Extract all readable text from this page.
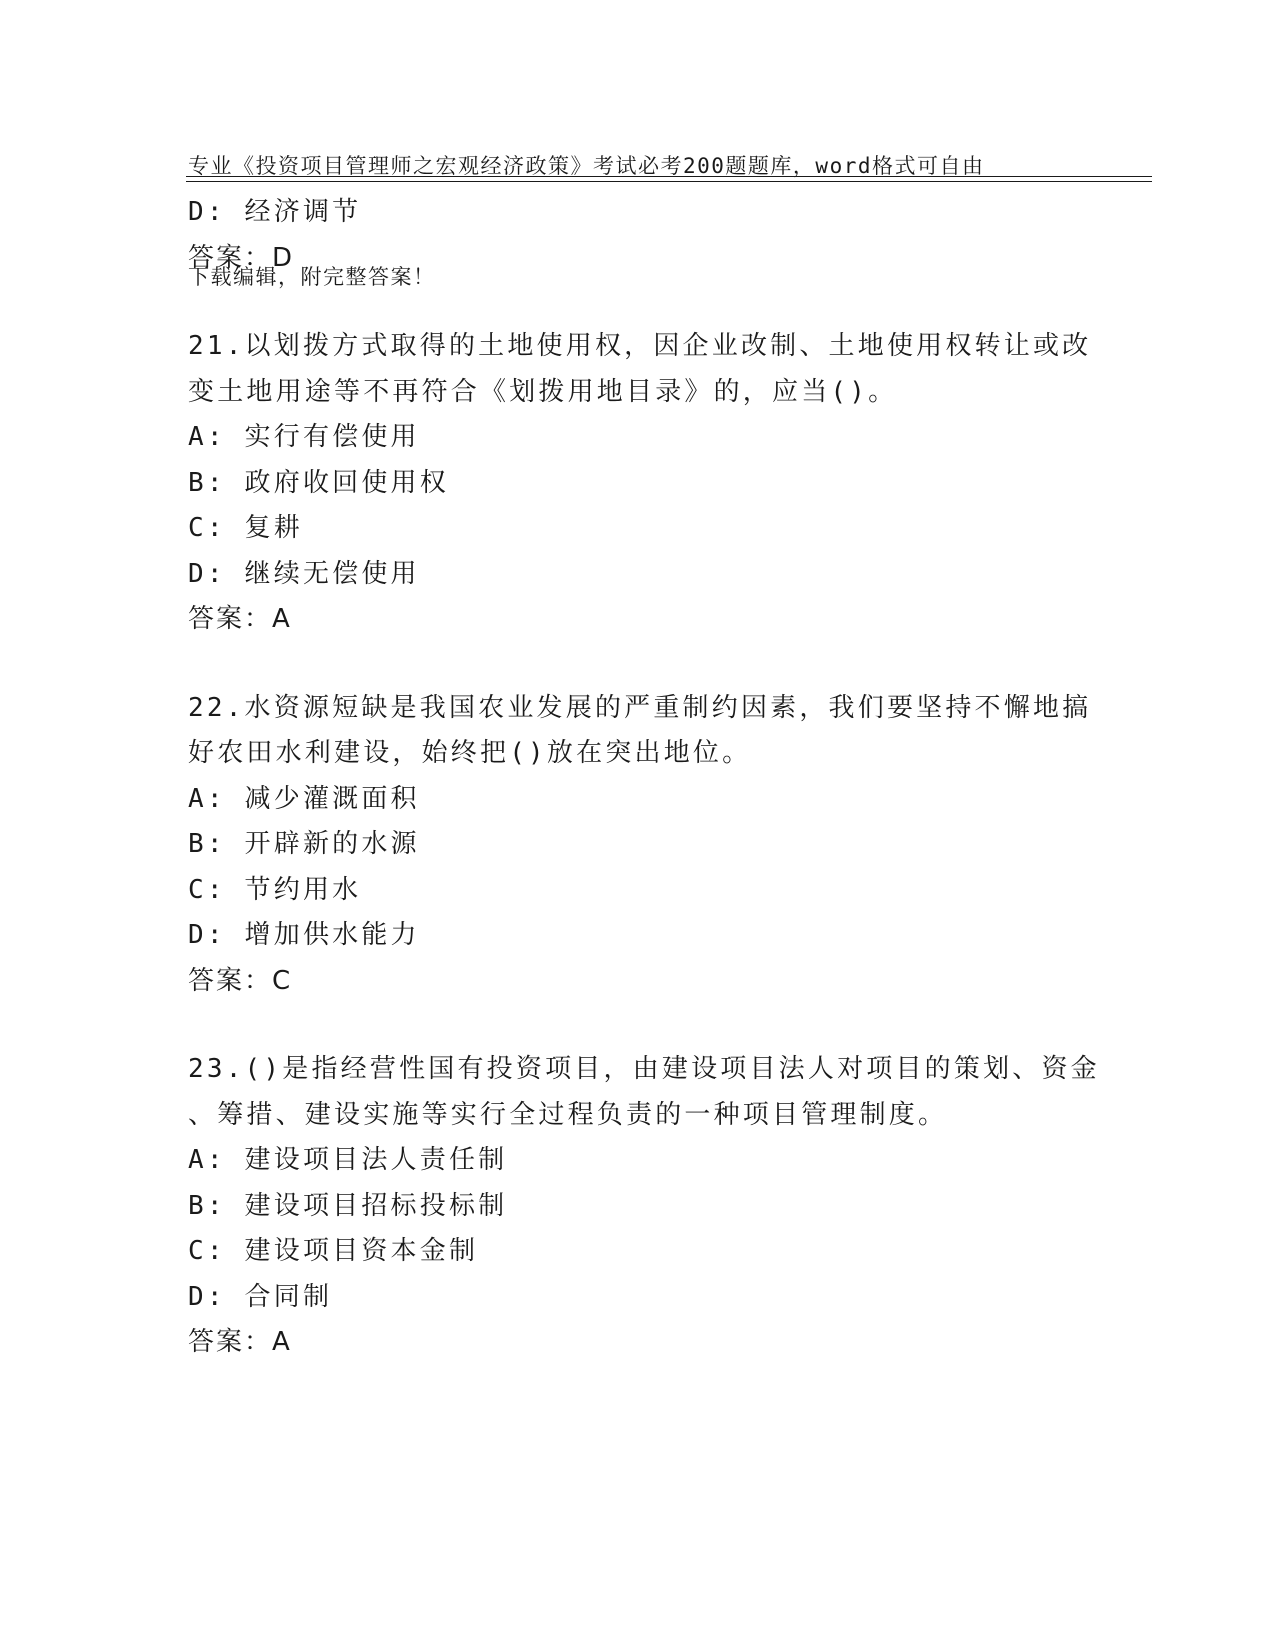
专业《投资项目管理师之宏观经济政策》考试必考200题题库，word格式可自由

下载编辑，附完整答案！

D: 经济调节
答案：D
21.以划拨方式取得的土地使用权，因企业改制、土地使用权转让或改
变土地用途等不再符合《划拨用地目录》的，应当()。
A: 实行有偿使用
B: 政府收回使用权
C: 复耕
D: 继续无偿使用
答案：A
22.水资源短缺是我国农业发展的严重制约因素，我们要坚持不懈地搞
好农田水利建设，始终把()放在突出地位。
A: 减少灌溉面积
B: 开辟新的水源
C: 节约用水
D: 增加供水能力
答案：C
23.()是指经营性国有投资项目，由建设项目法人对项目的策划、资金
、筹措、建设实施等实行全过程负责的一种项目管理制度。
A: 建设项目法人责任制
B: 建设项目招标投标制
C: 建设项目资本金制
D: 合同制
答案：A
